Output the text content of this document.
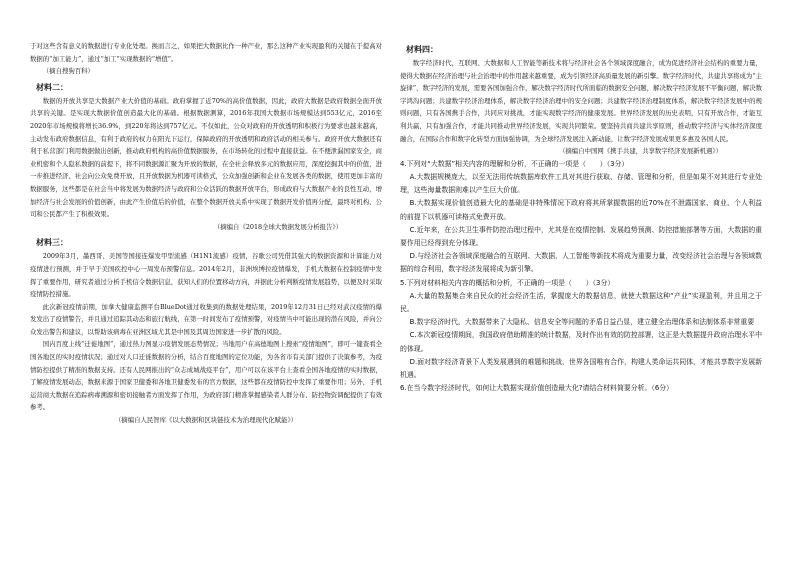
于对这些含有意义的数据进行专业化处理。换而言之，如果把大数据比作一种产业，那么这种产业实现盈利的关键在于提高对数据的“加工能力”，通过“加工”实现数据的“增值”。

（摘自搜狗百科）

材料二：

数据的开放共享是大数据产业大价值的基础。政府掌握了近70%的高价值数据，因此，政府大数据是政府数据全面开放共享的关键。是实现大数据价值创造最大化的基础。根据数据测算，2016年我国大数据市场规模达到553亿元，2016至2020年市场规模将增长36.9%，到220年将达到757亿元。不仅如此，公众对政府的开放透明和积极行为要求也越来越高，主动发布政府数据信息，有利于政府的权力在阳光下运行，保障政府的开放透明和政府活动的相关参与。政府开放大数据还有利于私营部门利用数据做出创新，推动政府机构的高价值数据服务，在市场转化的过程中直接获益。在不便泄漏国家安全，商业机密和个人隐私数据的前提下，将不同数据源汇聚为开放的数据，在全社会释放多元的数据应用，深度挖掘其中的价值，进一步推进经济、社会向公众免费开放，且开放数据为机器可读格式，公众加强创新和企业在发展各类的数据，使用更加丰富的数据服务，这些都是在社会当中将发展为数据经济与政府和公众活跃的数据开放平台，形成政府与大数据产业的良性互动，增加经济与社会发展的价值创新，由此产生价值后的价值，在整个数据开放关系中实现了数据开发价值再分配，最终对机构、公司和公民都产生了积极效果。

（摘编自《2018全球大数据发展分析报告》）

材料三：

2009年3月，墨西哥、美国等国接连爆发甲型流感（H1N1流感）疫情，谷歌公司凭借其强大的数据资源和计算能力对疫情进行预测，并于早于美国疾控中心一周发布预警信息。2014年2月，非洲埃博拉疫情爆发，手机大数据在控制疫情中发挥了重要作用，研究者通过分析手机信令数据信息，获知人们的位置移动方向，并据此分析判断疫情发展趋势，以便及时采取疫情防控措施。

此次新冠疫情前期，加拿大健康监测平台BlueDot通过收集到的数据处理结果，2019年12月31日已经对武汉疫情的爆发发出了疫情警告，并且通过追踪其动态和旅行航线，在第一时间发布了疫情预警，对疫情当中可能出现的潜在风险，并向公众发出警告和建议，以帮助该病毒在亚洲区域尤其是中国及其周边国家进一步扩散的风险。

国内百度上线“迁徙地图”，通过热力图显示疫情发展态势情况；当地用户在高德地图上搜索“疫情地图”，即可一键查看全国各地区的实时疫情状况；通过对人口迁徙数据的分析，结合百度地图的定位功能，为各省市有关部门提供了决策参考，为疫情防控提供了精准的数据支持。还有人民网推出的“众志成城战疫平台”，用户可以在该平台上查看全国各地疫情的实时数据，了解疫情发展动态，数据来源于国家卫健委和各地卫健委发布的官方数据，这些都在疫情防控中发挥了重要作用；另外，手机运营商大数据在追踪病毒溯源和密切接触者方面发挥了作用，为政府部门精准掌握感染者人群分布、防控物资调配提供了有效参考。

（摘编自人民智库《以大数据和区块链技术为治理现代化赋能》）

材料四：

数字经济时代，互联网、大数据和人工智能等新技术将与经济社会各个领域深度融合，成为促进经济社会结构的重要力量，使得大数据在经济治理与社会治理中的作用越来越重要，成为引领经济高质量发展的新引擎。数字经济时代，共建共享将成为“主旋律”，数字经济的发展，需要各国加强合作，解决数字经济时代所面临的数据安全问题，解决数字经济发展不平衡问题，解决数字鸿沟问题；共建数字经济治理体系，解决数字经济治理中的安全问题；共建数字经济治理制度体系，解决数字经济发展中的规则问题，只有各国携手合作，共同应对挑战，才能实现数字经济的健康发展。世界经济发展的历史表明，只有开放合作，才能互利共赢，只有加强合作，才能共同推动世界经济发展，实现共同繁荣。要坚持共商共建共享原则，推动数字经济与实体经济深度融合，在国际合作和数字化转型方面加强协调，为全球经济发展注入新动能，让数字经济发展成果更多惠及各国人民。

（摘编自中国网《携手共建，共享数字经济发展新机遇》）

4.下列对“大数据”相关内容的理解和分析，不正确的一项是（　　）（3分）

A.大数据规模庞大，以至无法用传统数据库软件工具对其进行获取、存储、管理和分析，但是如果不对其进行专业处理，这些海量数据则难以产生巨大价值。

B.大数据实现价值创造最大化的基础是非特殊情况下政府将其所掌握数据的近70%在不泄露国家、商业、个人利益的前提下以机器可读格式免费开放。

C.近年来，在公共卫生事件防控治理过程中，尤其是在疫情控制、发展趋势预测、防控措施部署等方面，大数据的重要作用已经得到充分体现。

D.与经济社会各领域深度融合的互联网、大数据、人工智能等新技术将成为重要力量，改变经济社会治理与各领域数据的综合利用，数字经济发展将成为新引擎。

5.下列对材料相关内容的概括和分析，不正确的一项是（　　）（3分）

A.大量的数据集合来自民众的社会经济生活，掌握庞大的数据信息，就使大数据这种“产业”实现盈利，并且用之于民。

B.数字经济时代，大数据带来了大隐私、信息安全等问题的矛盾日益凸显，建立健全治理体系和法制体系非常重要

C.本次新冠疫情期间，我国政府借助精准的统计数据，及时作出有效的防控部署，这正是大数据提升政府治理水平中的体现。

D.面对数字经济背景下人类发展遇到的难题和挑战，世界各国唯有合作，构建人类命运共同体，才能共享数字发展新机遇。

6.在当今数字经济时代，如何让大数据实现价值创造最大化?请结合材料简要分析。（6分）
